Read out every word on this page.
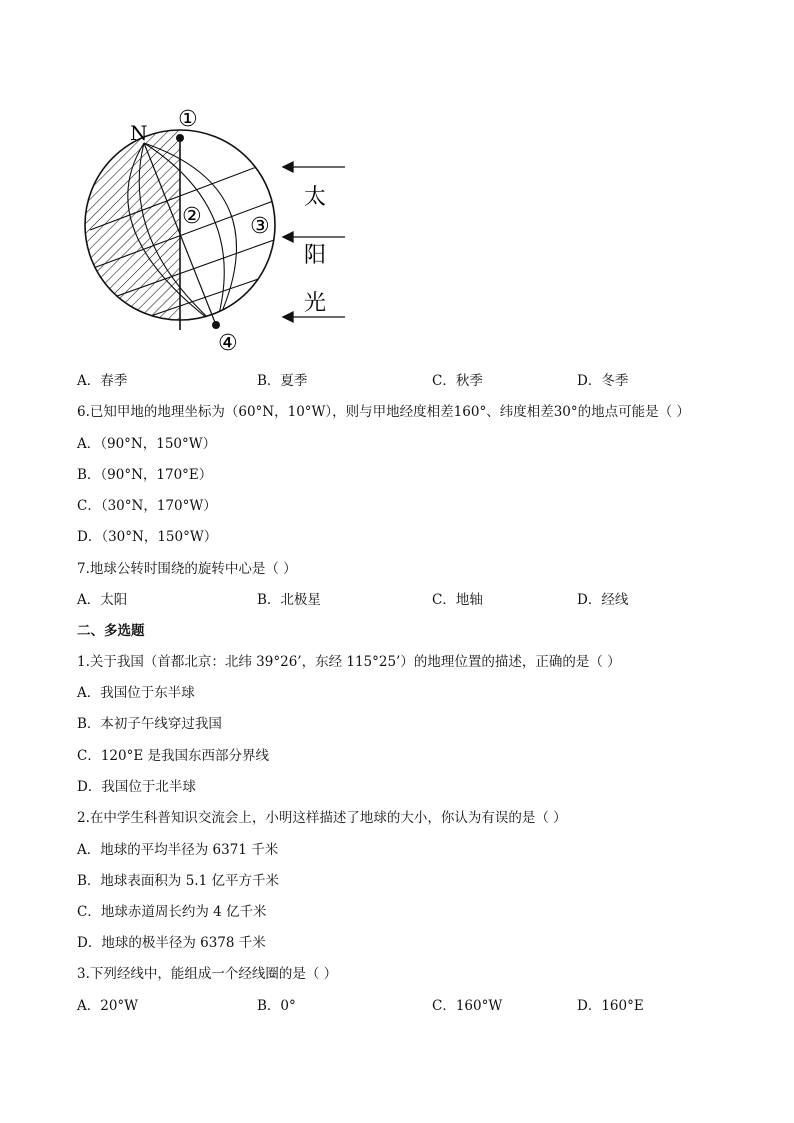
N
①
② ③
④
太
阳
光
A．春季	B．夏季	C．秋季	D．冬季
6.已知甲地的地理坐标为（60°N，10°W），则与甲地经度相差160°、纬度相差30°的地点可能是（ ）
A．（90°N，150°W）
B．（90°N，170°E）
C．（30°N，170°W）
D．（30°N，150°W）
7.地球公转时围绕的旋转中心是（ ）
A．太阳	B．北极星	C．地轴	D．经线
二、多选题
1.关于我国（首都北京：北纬 39°26’，东经 115°25’）的地理位置的描述，正确的是（ ）
A．我国位于东半球
B．本初子午线穿过我国
C．120°E 是我国东西部分界线
D．我国位于北半球
2.在中学生科普知识交流会上，小明这样描述了地球的大小，你认为有误的是（ ）
A．地球的平均半径为 6371 千米
B．地球表面积为 5.1 亿平方千米
C．地球赤道周长约为 4 亿千米
D．地球的极半径为 6378 千米
3.下列经线中，能组成一个经线圈的是（ ）
A．20°W	B．0°	C．160°W	D．160°E
